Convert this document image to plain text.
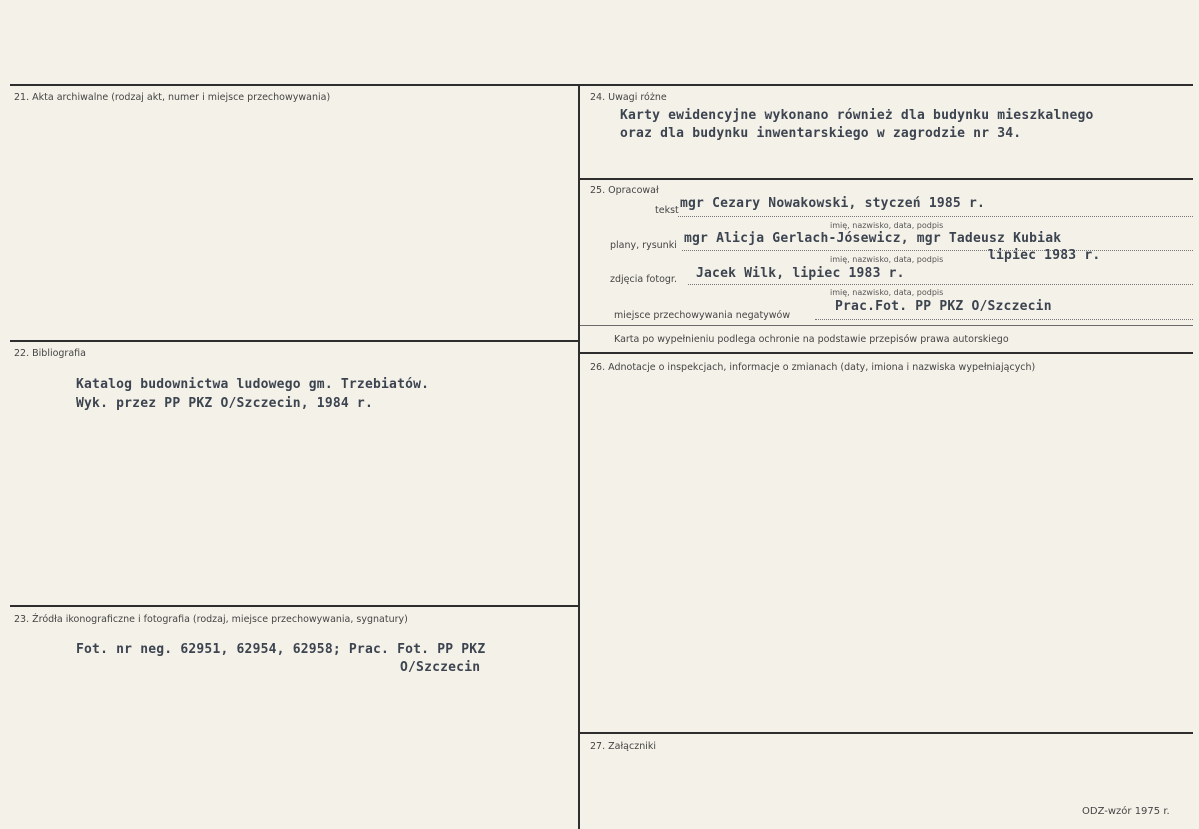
21. Akta archiwalne (rodzaj akt, numer i miejsce przechowywania)
22. Bibliografia
Katalog budownictwa ludowego gm. Trzebiatów.
Wyk. przez PP PKZ O/Szczecin, 1984 r.
23. Źródła ikonograficzne i fotografia (rodzaj, miejsce przechowywania, sygnatury)
Fot. nr neg. 62951, 62954, 62958; Prac. Fot. PP PKZ
O/Szczecin
24. Uwagi różne
Karty ewidencyjne wykonano również dla budynku mieszkalnego
oraz dla budynku inwentarskiego w zagrodzie nr 34.
25. Opracował
tekst mgr Cezary Nowakowski, styczeń 1985 r.
imię, nazwisko, data, podpis
plany, rysunki mgr Alicja Gerlach-Jósewicz, mgr Tadeusz Kubiak
imię, nazwisko, data, podpis	lipiec 1983 r.
zdjęcia fotogr. Jacek Wilk, lipiec 1983 r.
imię, nazwisko, data, podpis
miejsce przechowywania negatywów
Prac.Fot. PP PKZ O/Szczecin
Karta po wypełnieniu podlega ochronie na podstawie przepisów prawa autorskiego
26. Adnotacje o inspekcjach, informacje o zmianach (daty, imiona i nazwiska wypełniających)
27. Załączniki
ODZ-wzór 1975 r.
